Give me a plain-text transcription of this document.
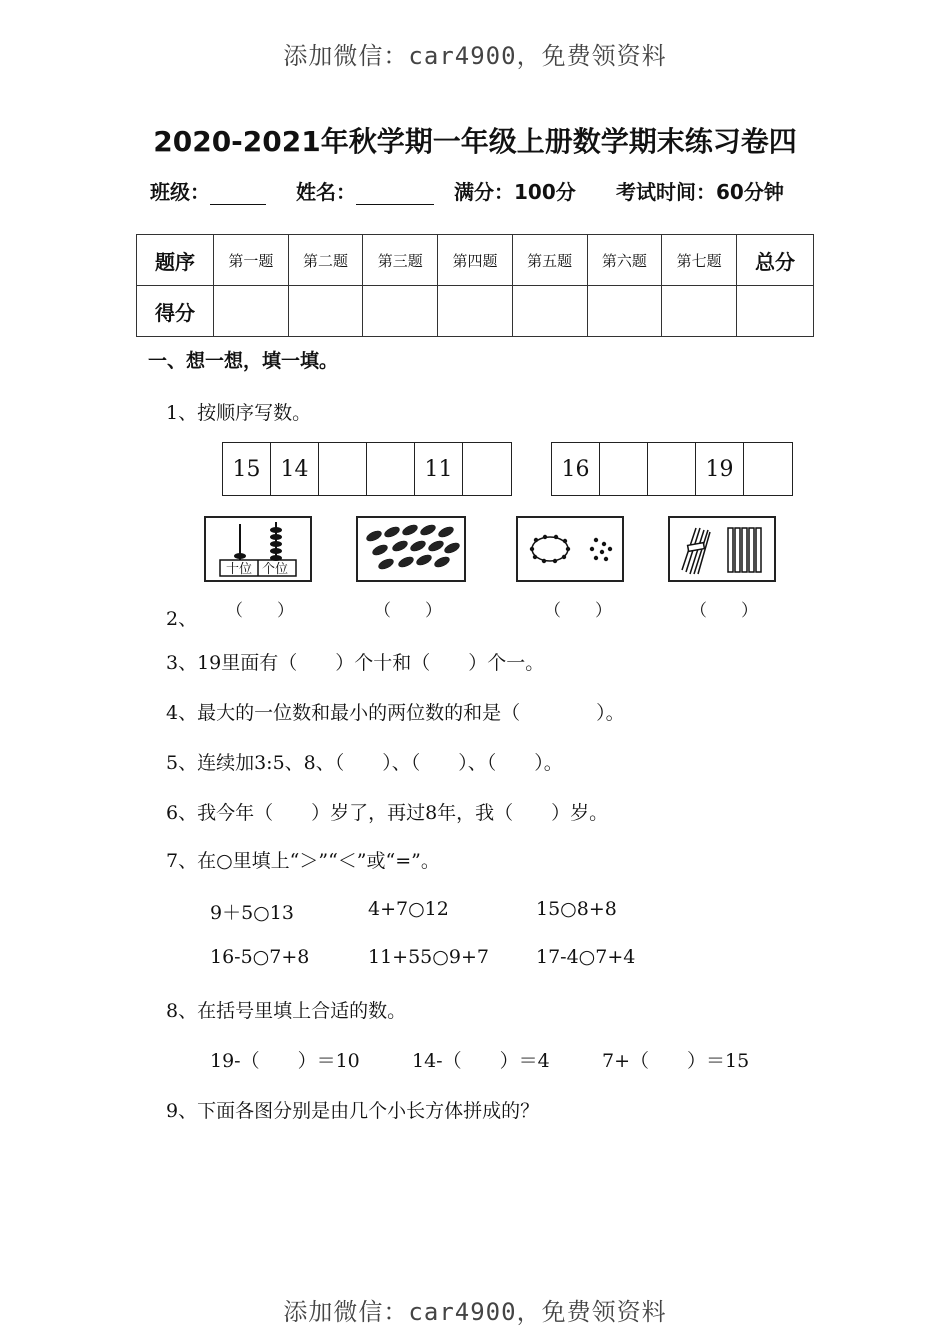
添加微信：car4900，免费领资料
添加微信：car4900，免费领资料
2020-2021年秋学期一年级上册数学期末练习卷四
班级：	姓名：	满分：100分 考试时间：60分钟
题序	第一题	第二题	第三题	第四题	第五题	第六题	第七题	总分
得分								
一、想一想，填一填。
1、按顺序写数。
15 14	11	16	19
十位 个位
2、 （　　）	（　　）	（　　）	（　　）
3、19里面有（　　）个十和（　　）个一。
4、最大的一位数和最小的两位数的和是（　　　　）。
5、连续加3:5、8、（　　）、（　　）、（　　）。
6、我今年（　　）岁了，再过8年，我（　　）岁。
7、在○里填上“＞”“＜”或“=”。
9＋5○13	4+7○12	15○8+8
16-5○7+8	11+55○9+7 17-4○7+4
8、在括号里填上合适的数。
19-（　　）＝10	14-（　　）＝4	7+（　　）＝15
9、下面各图分别是由几个小长方体拼成的？
